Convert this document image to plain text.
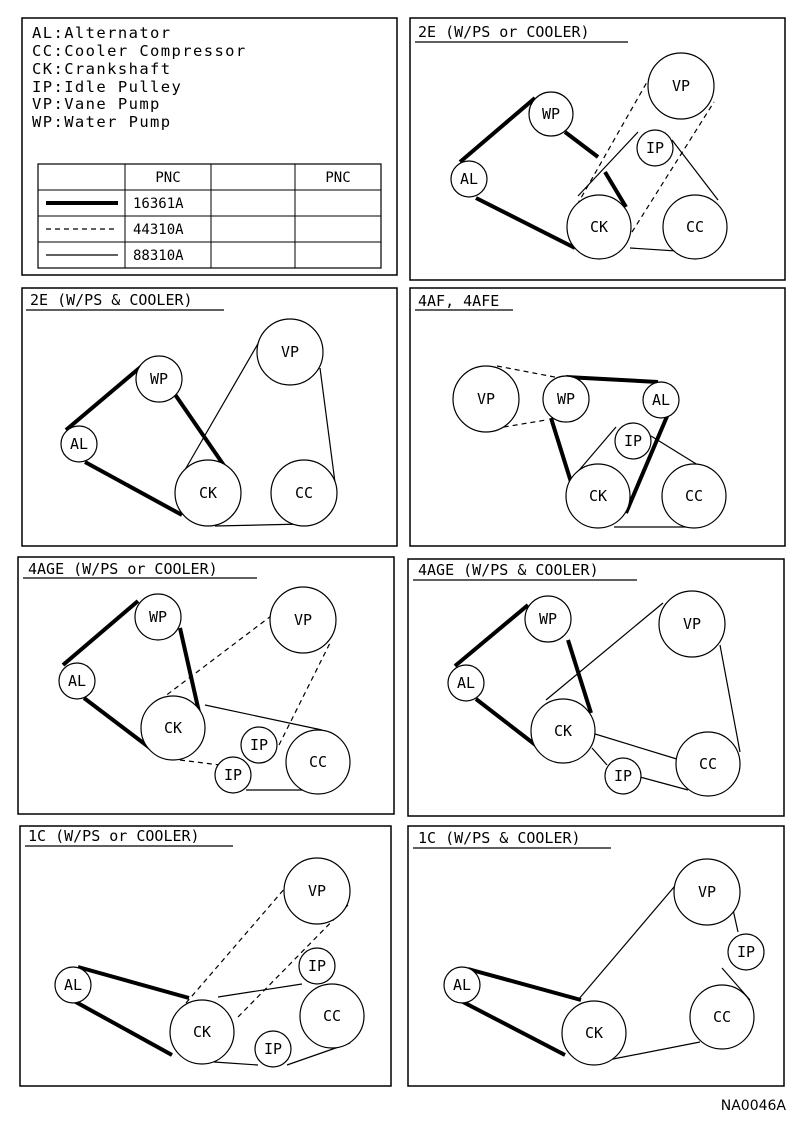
AL:Alternator
CC:Cooler Compressor
CK:Crankshaft
IP:Idle Pulley
VP:Vane Pump
WP:Water Pump
PNC	PNC
16361A
44310A
88310A
2E (W/PS or COOLER)
WP
AL
VP
IP
CK	CC
2E (W/PS & COOLER)
WP
AL
VP
CK	CC
4AF, 4AFE
VP	WP	AL
IP
CK	CC
4AGE (W/PS or COOLER)
WP
AL
VP
CK
IP
IP
CC
4AGE (W/PS & COOLER)
WP
AL
VP
CK
IP
CC
1C (W/PS or COOLER)
AL
VP
IP
CK
CC
IP
1C (W/PS & COOLER)
AL
VP
IP
CK
CC
NA0046A
